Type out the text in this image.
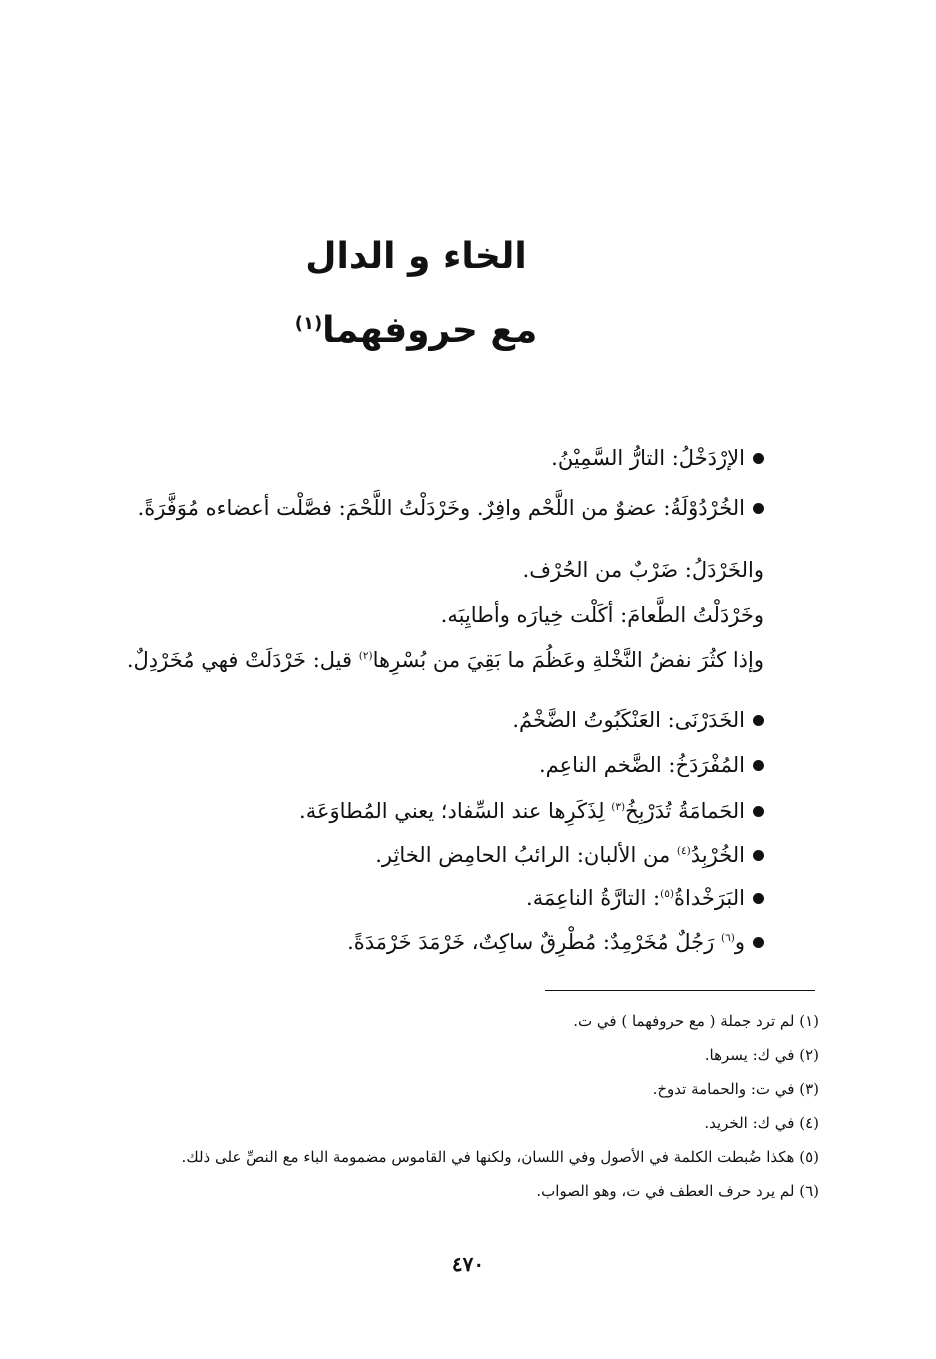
الخاء و الدال
مع حروفهما$^{(١)}$
الإرْدَخْلُ: التارُّ السَّمِيْنُ.
الخُرْدُوْلَةُ: عضوٌ من اللَّحْم وافِرٌ. وخَرْدَلْتُ اللَّحْمَ: فصَّلْت أعضاءه مُوَفَّرَةً.
والخَرْدَلُ: ضَرْبٌ من الحُرْف.
وخَرْدَلْتُ الطَّعامَ: أكَلْت خِيارَه وأطايِبَه.
وإذا كثُرَ نفضُ النَّخْلةِ وعَظُمَ ما بَقِيَ من بُسْرِها$^{(٢)}$ قيل: خَرْدَلَتْ فهي مُخَرْدِلٌ.
الخَدَرْنَى: العَنْكَبُوتُ الضَّخْمُ.
المُفْرَدَخُ: الضَّخم الناعِم.
الحَمامَةُ تُدَرْبِخُ$^{(٣)}$ لِذَكَرِها عند السِّفاد؛ يعني المُطاوَعَة.
الخُرْبِدُ$^{(٤)}$ من الألبان: الرائبُ الحامِض الخاثِر.
البَرَخْداةُ$^{(٥)}$: التارَّةُ الناعِمَة.
و$^{(٦)}$ رَجُلٌ مُخَرْمِدٌ: مُطْرِقٌ ساكِتٌ، خَرْمَدَ خَرْمَدَةً.
(١) لم ترد جملة ( مع حروفهما ) في ت.
(٢) في ك: يسرها.
(٣) في ت: والحمامة تدوخ.
(٤) في ك: الخريد.
(٥) هكذا ضُبطت الكلمة في الأصول وفي اللسان، ولكنها في القاموس مضمومة الباء مع النصِّ على ذلك.
(٦) لم يرد حرف العطف في ت، وهو الصواب.
٤٧٠
